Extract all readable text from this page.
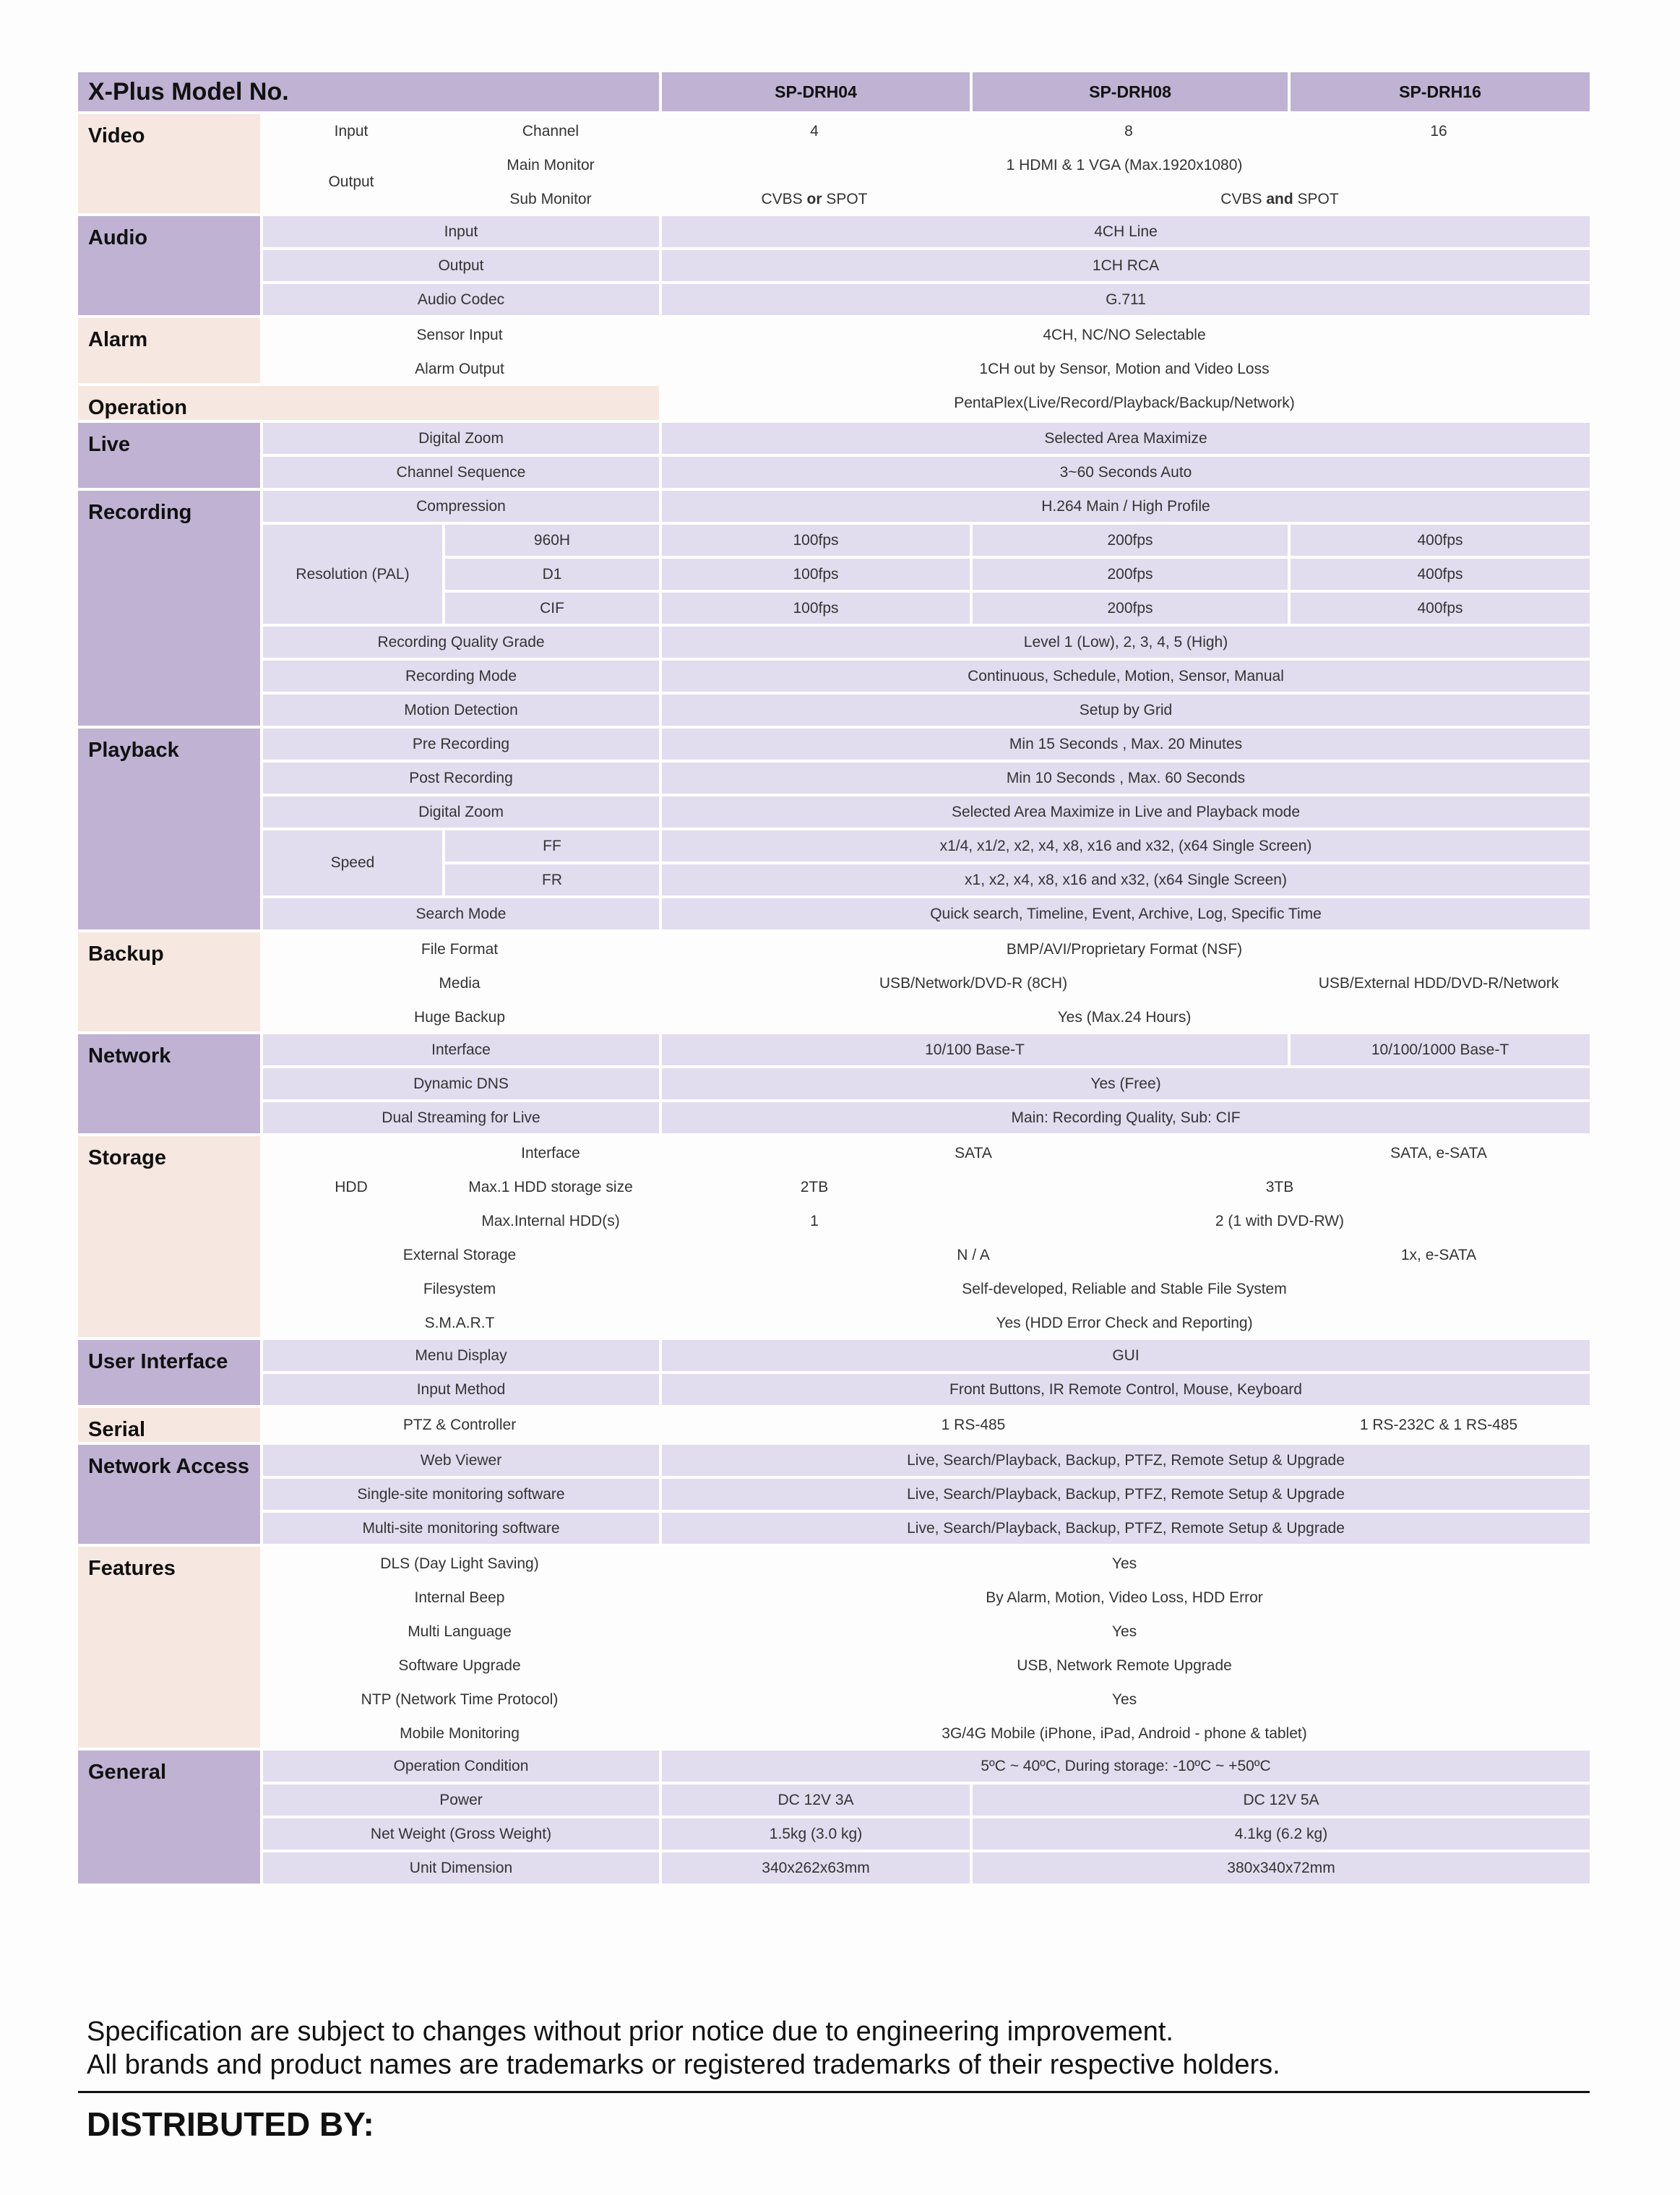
X-Plus Model No.	SP-DRH04	SP-DRH08	SP-DRH16
Video	Input	Channel	4	8	16
Output
Main Monitor	1 HDMI & 1 VGA (Max.1920x1080)
Sub Monitor	CVBS or SPOT	CVBS and SPOT
Audio	Input	4CH Line
Output	1CH RCA
Audio Codec	G.711
Alarm	Sensor Input	4CH, NC/NO Selectable
Alarm Output	1CH out by Sensor, Motion and Video Loss
Operation	PentaPlex(Live/Record/Playback/Backup/Network)
Live	Digital Zoom	Selected Area Maximize
Channel Sequence	3~60 Seconds Auto
Recording	Compression	H.264 Main / High Profile
Resolution (PAL)
960H	100fps	200fps	400fps
D1	100fps	200fps	400fps
CIF	100fps	200fps	400fps
Recording Quality Grade	Level 1 (Low), 2, 3, 4, 5 (High)
Recording Mode	Continuous, Schedule, Motion, Sensor, Manual
Motion Detection	Setup by Grid
Playback	Pre Recording	Min 15 Seconds , Max. 20 Minutes
Post Recording	Min 10 Seconds , Max. 60 Seconds
Digital Zoom	Selected Area Maximize in Live and Playback mode
Speed
FF	x1/4, x1/2, x2, x4, x8, x16 and x32, (x64 Single Screen)
FR	x1, x2, x4, x8, x16 and x32, (x64 Single Screen)
Search Mode	Quick search, Timeline, Event, Archive, Log, Specific Time
Backup	File Format	BMP/AVI/Proprietary Format (NSF)
Media	USB/Network/DVD-R (8CH)	USB/External HDD/DVD-R/Network
Huge Backup	Yes (Max.24 Hours)
Network	Interface	10/100 Base-T	10/100/1000 Base-T
Dynamic DNS	Yes (Free)
Dual Streaming for Live	Main: Recording Quality, Sub: CIF
Storage
HDD
Interface	SATA	SATA, e-SATA
Max.1 HDD storage size	2TB	3TB
Max.Internal HDD(s)	1	2 (1 with DVD-RW)
External Storage	N / A	1x, e-SATA
Filesystem	Self-developed, Reliable and Stable File System
S.M.A.R.T	Yes (HDD Error Check and Reporting)
User Interface	Menu Display	GUI
Input Method	Front Buttons, IR Remote Control, Mouse, Keyboard
Serial	PTZ & Controller	1 RS-485	1 RS-232C & 1 RS-485
Network Access	Web Viewer	Live, Search/Playback, Backup, PTFZ, Remote Setup & Upgrade
Single-site monitoring software	Live, Search/Playback, Backup, PTFZ, Remote Setup & Upgrade
Multi-site monitoring software	Live, Search/Playback, Backup, PTFZ, Remote Setup & Upgrade
Features	DLS (Day Light Saving)	Yes
Internal Beep	By Alarm, Motion, Video Loss, HDD Error
Multi Language	Yes
Software Upgrade	USB, Network Remote Upgrade
NTP (Network Time Protocol)	Yes
Mobile Monitoring	3G/4G Mobile (iPhone, iPad, Android - phone & tablet)
General	Operation Condition	5ºC ~ 40ºC, During storage: -10ºC ~ +50ºC
Power	DC 12V 3A	DC 12V 5A
Net Weight (Gross Weight)	1.5kg (3.0 kg)	4.1kg (6.2 kg)
Unit Dimension	340x262x63mm	380x340x72mm
Specification are subject to changes without prior notice due to engineering improvement.
All brands and product names are trademarks or registered trademarks of their respective holders.
DISTRIBUTED BY:
